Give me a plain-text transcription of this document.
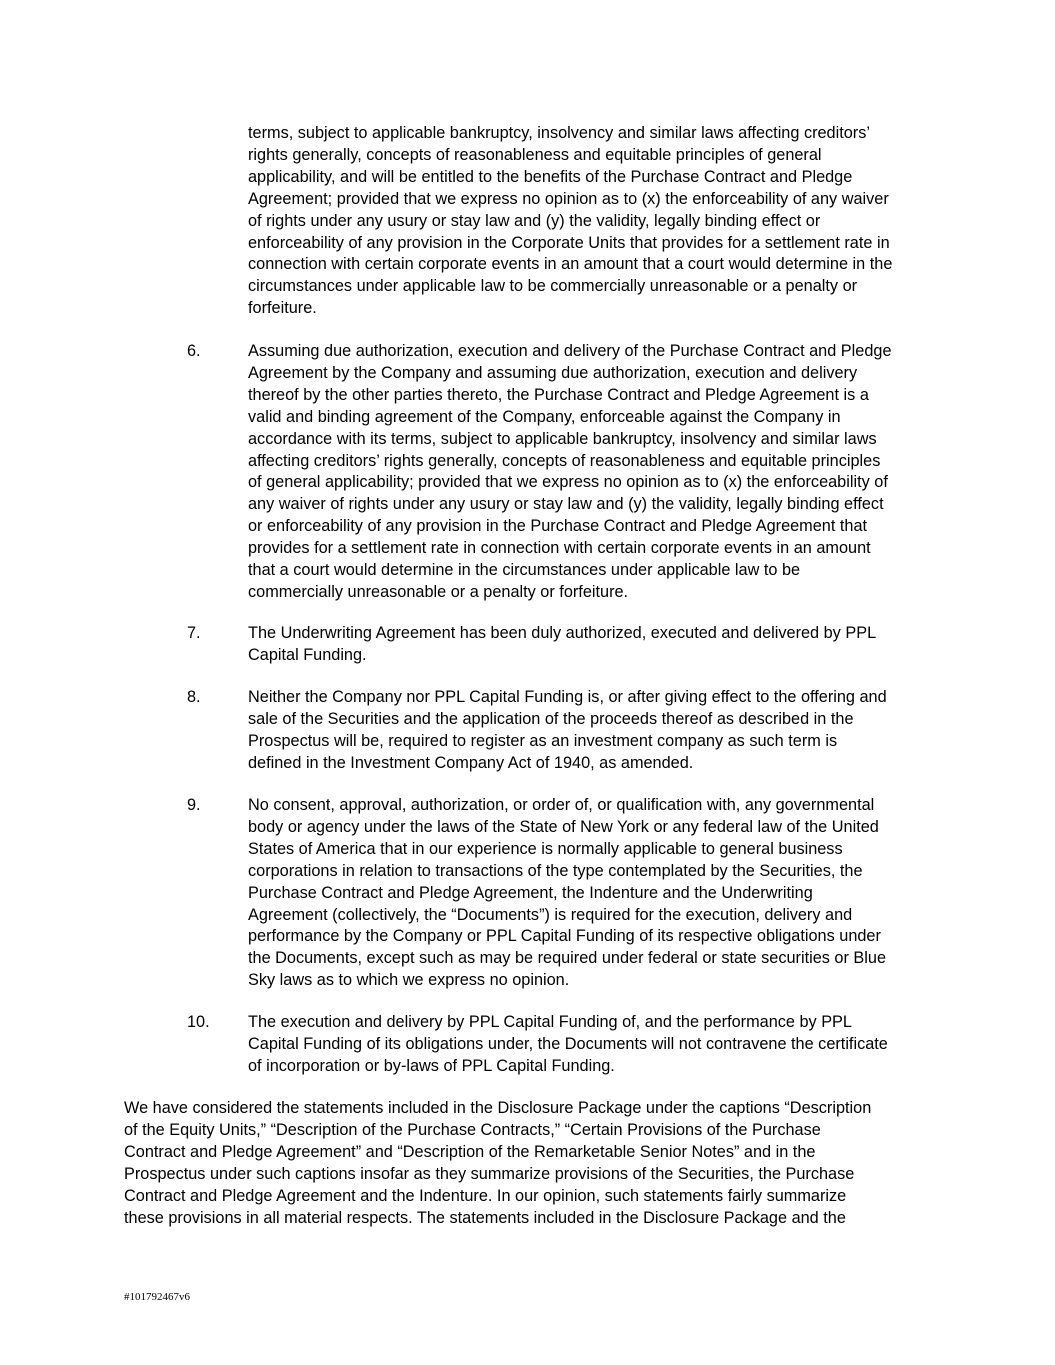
terms, subject to applicable bankruptcy, insolvency and similar laws affecting creditors’
rights generally, concepts of reasonableness and equitable principles of general
applicability, and will be entitled to the benefits of the Purchase Contract and Pledge
Agreement; provided that we express no opinion as to (x) the enforceability of any waiver
of rights under any usury or stay law and (y) the validity, legally binding effect or
enforceability of any provision in the Corporate Units that provides for a settlement rate in
connection with certain corporate events in an amount that a court would determine in the
circumstances under applicable law to be commercially unreasonable or a penalty or
forfeiture.

6.	Assuming due authorization, execution and delivery of the Purchase Contract and Pledge
Agreement by the Company and assuming due authorization, execution and delivery
thereof by the other parties thereto, the Purchase Contract and Pledge Agreement is a
valid and binding agreement of the Company, enforceable against the Company in
accordance with its terms, subject to applicable bankruptcy, insolvency and similar laws
affecting creditors’ rights generally, concepts of reasonableness and equitable principles
of general applicability; provided that we express no opinion as to (x) the enforceability of
any waiver of rights under any usury or stay law and (y) the validity, legally binding effect
or enforceability of any provision in the Purchase Contract and Pledge Agreement that
provides for a settlement rate in connection with certain corporate events in an amount
that a court would determine in the circumstances under applicable law to be
commercially unreasonable or a penalty or forfeiture.

7.	The Underwriting Agreement has been duly authorized, executed and delivered by PPL
Capital Funding.

8.	Neither the Company nor PPL Capital Funding is, or after giving effect to the offering and
sale of the Securities and the application of the proceeds thereof as described in the
Prospectus will be, required to register as an investment company as such term is
defined in the Investment Company Act of 1940, as amended.

9.	No consent, approval, authorization, or order of, or qualification with, any governmental
body or agency under the laws of the State of New York or any federal law of the United
States of America that in our experience is normally applicable to general business
corporations in relation to transactions of the type contemplated by the Securities, the
Purchase Contract and Pledge Agreement, the Indenture and the Underwriting
Agreement (collectively, the “Documents”) is required for the execution, delivery and
performance by the Company or PPL Capital Funding of its respective obligations under
the Documents, except such as may be required under federal or state securities or Blue
Sky laws as to which we express no opinion.

10. The execution and delivery by PPL Capital Funding of, and the performance by PPL
Capital Funding of its obligations under, the Documents will not contravene the certificate
of incorporation or by-laws of PPL Capital Funding.

We have considered the statements included in the Disclosure Package under the captions “Description
of the Equity Units,” “Description of the Purchase Contracts,” “Certain Provisions of the Purchase
Contract and Pledge Agreement” and “Description of the Remarketable Senior Notes” and in the
Prospectus under such captions insofar as they summarize provisions of the Securities, the Purchase
Contract and Pledge Agreement and the Indenture. In our opinion, such statements fairly summarize
these provisions in all material respects. The statements included in the Disclosure Package and the

#101792467v6
